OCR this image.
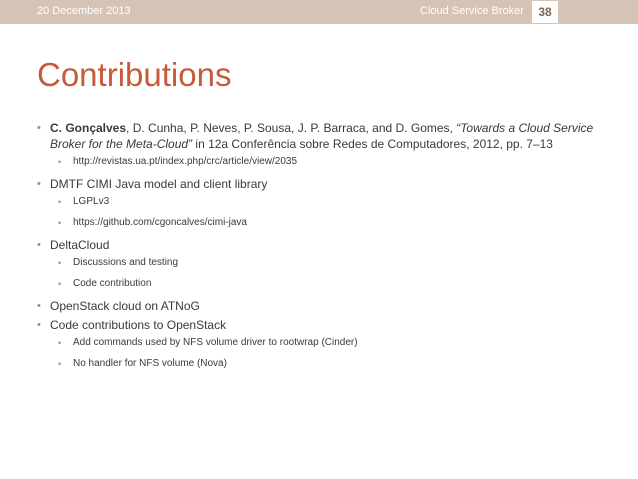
20 December 2013	Cloud Service Broker	38
Contributions
• C. Gonçalves, D. Cunha, P. Neves, P. Sousa, J. P. Barraca, and D. Gomes, “Towards a Cloud Service Broker for the Meta-Cloud” in 12a Conferência sobre Redes de Computadores, 2012, pp. 7–13
• http://revistas.ua.pt/index.php/crc/article/view/2035
• DMTF CIMI Java model and client library
• LGPLv3
• https://github.com/cgoncalves/cimi-java
• DeltaCloud
• Discussions and testing
• Code contribution
• OpenStack cloud on ATNoG
• Code contributions to OpenStack
• Add commands used by NFS volume driver to rootwrap (Cinder)
• No handler for NFS volume (Nova)
